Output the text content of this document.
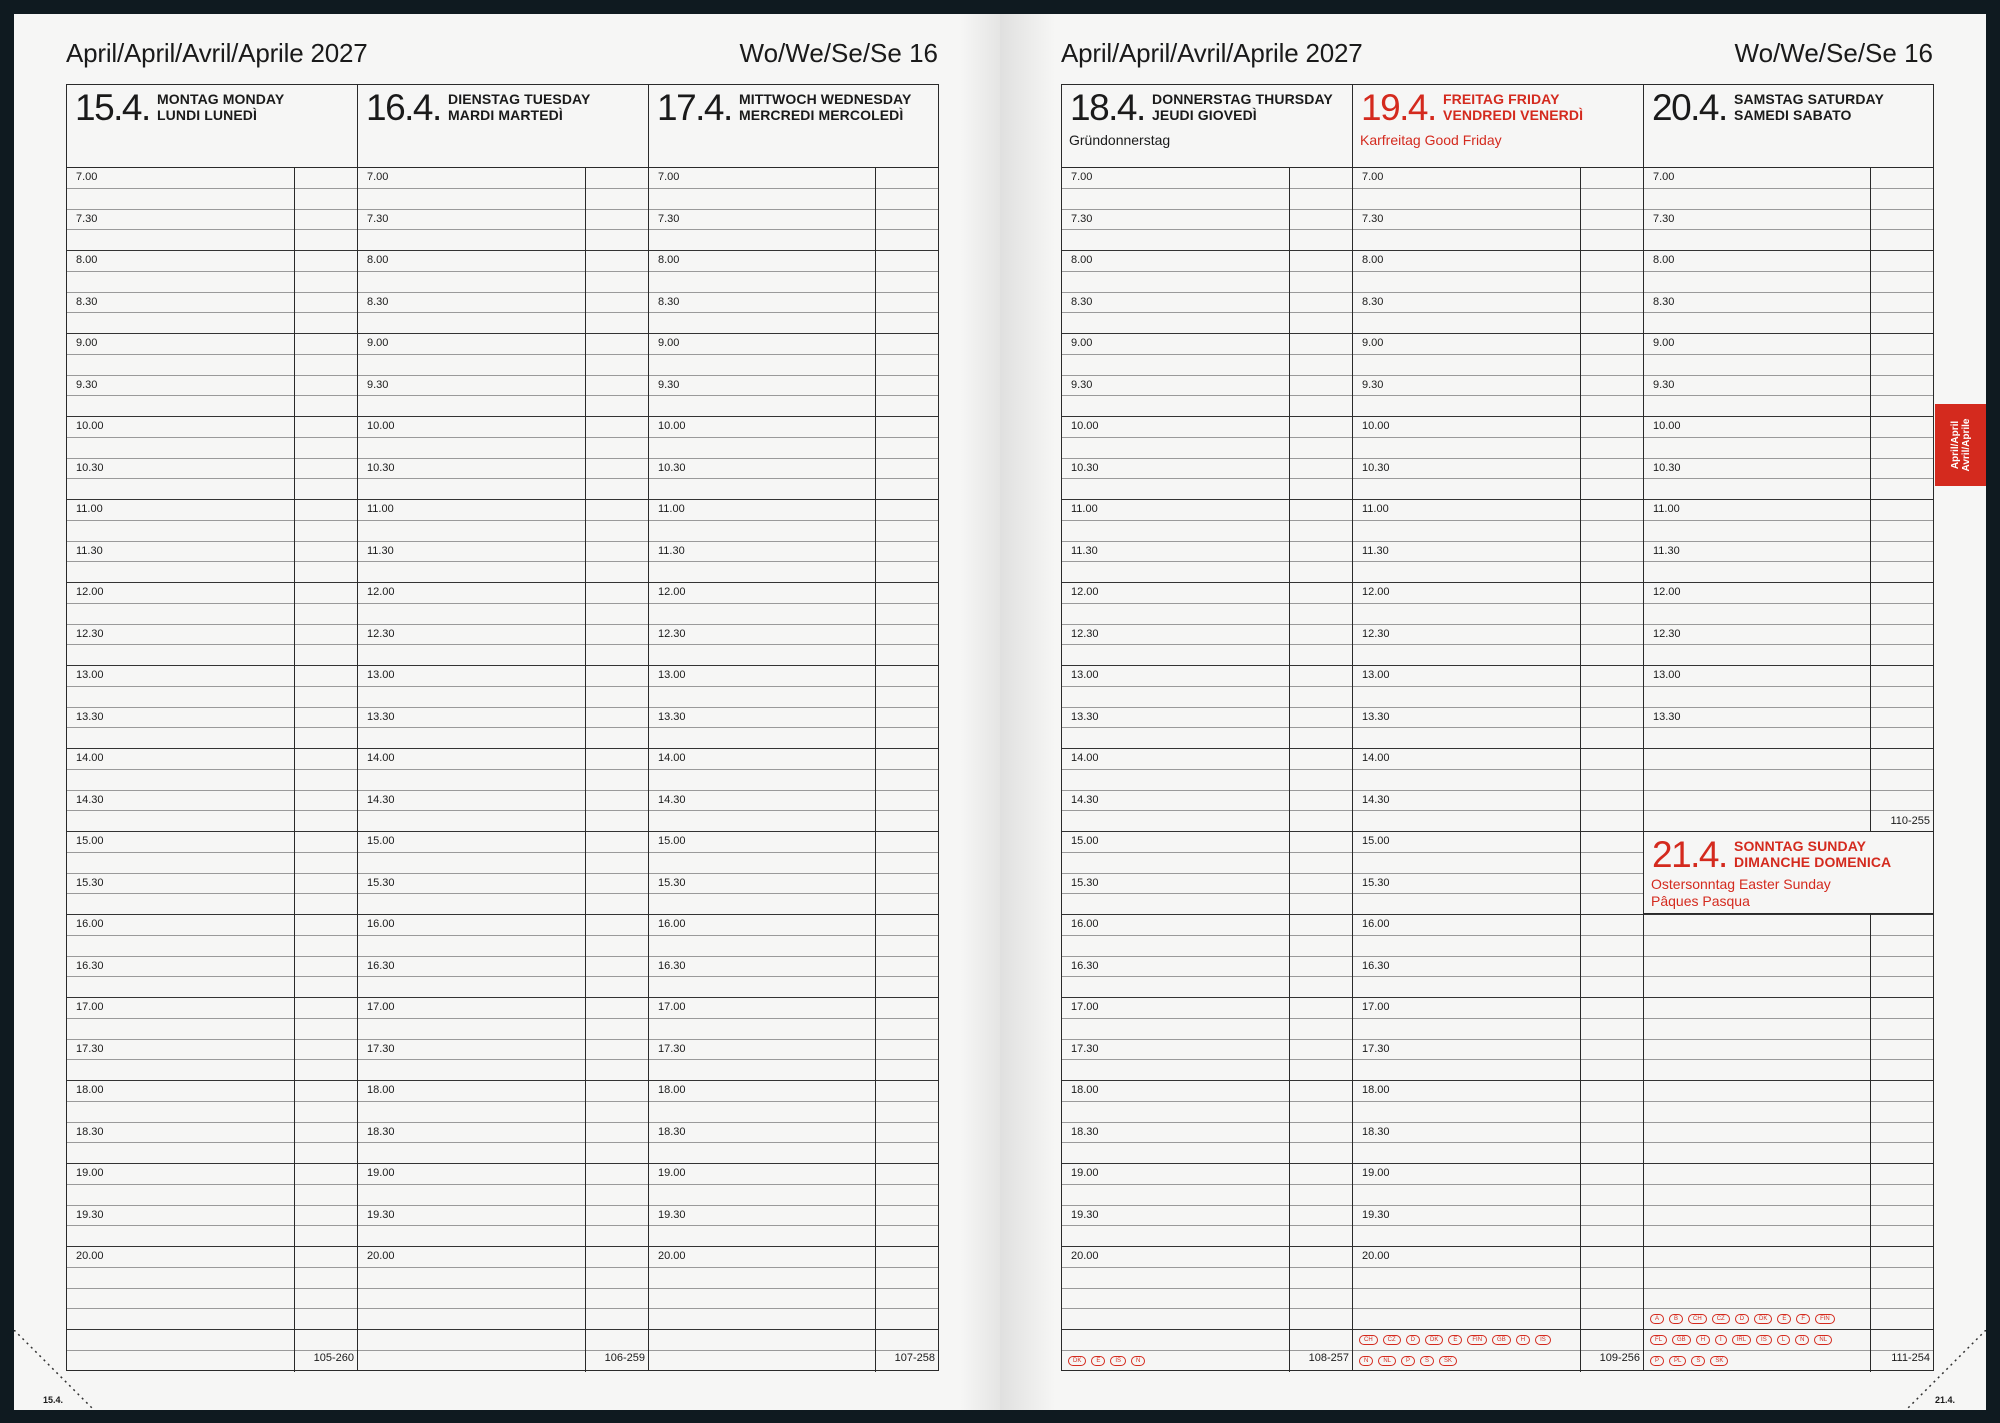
April/April/Avril/Aprile 2027	Wo/We/Se/Se 16
15.4. MONTAG MONDAY
LUNDI LUNEDÌ
7.00
7.30
8.00
8.30
9.00
9.30
10.00
10.30
11.00
11.30
12.00
12.30
13.00
13.30
14.00
14.30
15.00
15.30
16.00
16.30
17.00
17.30
18.00
18.30
19.00
19.30
20.00
105-260
16.4. DIENSTAG TUESDAY
MARDI MARTEDÌ
7.00
7.30
8.00
8.30
9.00
9.30
10.00
10.30
11.00
11.30
12.00
12.30
13.00
13.30
14.00
14.30
15.00
15.30
16.00
16.30
17.00
17.30
18.00
18.30
19.00
19.30
20.00
106-259
17.4. MITTWOCH WEDNESDAY
MERCREDI MERCOLEDÌ
7.00
7.30
8.00
8.30
9.00
9.30
10.00
10.30
11.00
11.30
12.00
12.30
13.00
13.30
14.00
14.30
15.00
15.30
16.00
16.30
17.00
17.30
18.00
18.30
19.00
19.30
20.00
107-258
15.4.
April/April/Avril/Aprile 2027	Wo/We/Se/Se 16
18.4. DONNERSTAG THURSDAY
JEUDI GIOVEDÌ
Gründonnerstag
7.00
7.30
8.00
8.30
9.00
9.30
10.00
10.30
11.00
11.30
12.00
12.30
13.00
13.30
14.00
14.30
15.00
15.30
16.00
16.30
17.00
17.30
18.00
18.30
19.00
19.30
20.00
108-257
DK	E	IS	N
19.4. FREITAG FRIDAY
VENDREDI VENERDÌ
Karfreitag Good Friday
7.00
7.30
8.00
8.30
9.00
9.30
10.00
10.30
11.00
11.30
12.00
12.30
13.00
13.30
14.00
14.30
15.00
15.30
16.00
16.30
17.00
17.30
18.00
18.30
19.00
19.30
20.00
109-256
CH	CZ	D	DK	E	FIN	GB	H	IS
N	NL	P	S	SK
20.4. SAMSTAG SATURDAY
SAMEDI SABATO
7.00
7.30
8.00
8.30
9.00
9.30
10.00
10.30
11.00
11.30
12.00
12.30
13.00
13.30
110-255
21.4. SONNTAG SUNDAY
DIMANCHE DOMENICA
Ostersonntag Easter Sunday
Pâques Pasqua
111-254
A	B	CH	CZ	D	DK	E	F	FIN
FL	GB	H	I	IRL	IS	L	N	NL
P	PL	S	SK
21.4.
April/April Avril/Aprile
